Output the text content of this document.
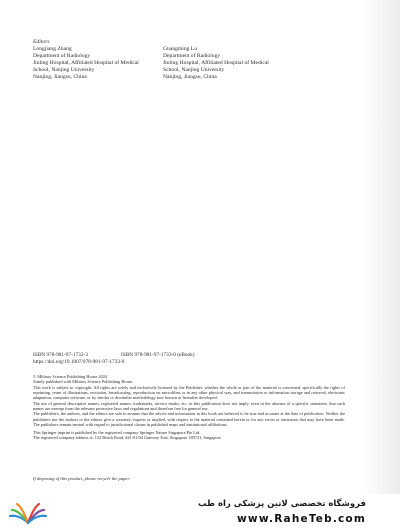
Editors
Longjiang Zhang
Department of Radiology
Jinling Hospital, Affiliated Hospital of Medical
School, Nanjing University
Nanjing, Jiangsu, China
Guangming Lu
Department of Radiology
Jinling Hospital, Affiliated Hospital of Medical
School, Nanjing University
Nanjing, Jiangsu, China
ISBN 978-981-97-1732-3	ISBN 978-981-97-1733-0 (eBook)
https://doi.org/10.1007/978-981-97-1733-0

© Military Science Publishing House 2024

Jointly published with Military Science Publishing House

This work is subject to copyright. All rights are solely and exclusively licensed by the Publisher, whether the whole or part of the material is concerned, specifically the rights of reprinting, reuse of illustrations, recitation, broadcasting, reproduction on microfilms or in any other physical way, and transmission or information storage and retrieval, electronic adaptation, computer software, or by similar or dissimilar methodology now known or hereafter developed.

The use of general descriptive names, registered names, trademarks, service marks, etc. in this publication does not imply, even in the absence of a specific statement, that such names are exempt from the relevant protective laws and regulations and therefore free for general use.

The publishers, the authors, and the editors are safe to assume that the advice and information in this book are believed to be true and accurate at the date of publication. Neither the publishers nor the authors or the editors give a warranty, express or implied, with respect to the material contained herein or for any errors or omissions that may have been made. The publishers remain neutral with regard to jurisdictional claims in published maps and institutional affiliations.

This Springer imprint is published by the registered company Springer Nature Singapore Pte Ltd.

The registered company address is: 152 Beach Road, #21-01/04 Gateway East, Singapore 189721, Singapore

If disposing of this product, please recycle the paper.
فروشگاه تخصصی لاتین پزشکی راه طب
www.RaheTeb.com
